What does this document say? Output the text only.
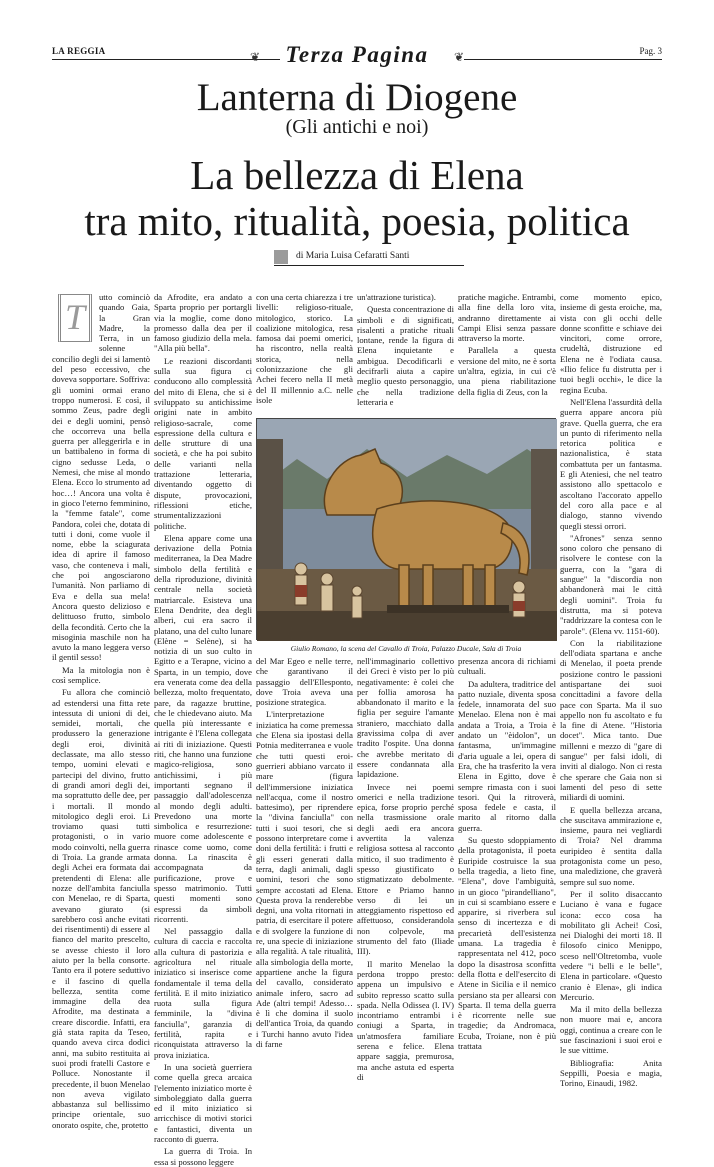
LA REGGIA	❦ Terza Pagina ❦	Pag. 3
Lanterna di Diogene
(Gli antichi e noi)
La bellezza di Elena
tra mito, ritualità, poesia, politica
di Maria Luisa Cefaratti Santi
T	utto cominciò quando Gaia, la Gran Madre, la Terra, in un solenne concilio degli dei si lamentò del peso eccessivo, che doveva sopportare. Soffriva: gli uomini ormai erano troppo numerosi. E così, il sommo Zeus, padre degli dei e degli uomini, pensò che occorreva una bella guerra per alleggerirla e in un battibaleno in forma di cigno sedusse Leda, o Nemesi, che mise al mondo Elena. Ecco lo strumento ad hoc…! Ancora una volta è in gioco l'eterno femminino, la "femme fatale", come Pandora, colei che, dotata di tutti i doni, come vuole il nome, ebbe la sciagurata idea di aprire il famoso vaso, che conteneva i mali, che poi angosciarono l'umanità. Non parliamo di Eva e della sua mela! Ancora questo delizioso e delittuoso frutto, simbolo della fecondità. Certo che la misoginia maschile non ha avuto la mano leggera verso il gentil sesso!

Ma la mitologia non è così semplice.

Fu allora che cominciò ad estendersi una fitta rete intessuta di unioni di dei, semidei, mortali, che produssero la generazione degli eroi, divinità declassate, ma allo stesso tempo, uomini elevati e partecipi del divino, frutto di grandi amori degli dei, ma soprattutto delle dee, per i mortali. Il mondo mitologico degli eroi. Li troviamo quasi tutti protagonisti, o in vario modo coinvolti, nella guerra di Troia. La grande armata degli Achei era formata dai pretendenti di Elena: alle nozze dell'ambita fanciulla con Menelao, re di Sparta, avevano giurato (si sarebbero così anche evitati dei risentimenti) di essere al fianco del marito prescelto, se avesse chiesto il loro aiuto per la bella consorte. Tanto era il potere seduttivo e il fascino di quella bellezza, sentita come immagine della dea Afrodite, ma destinata a creare discordie. Infatti, era già stata rapita da Teseo, quando aveva circa dodici anni, ma subito restituita ai suoi prodi fratelli Castore e Polluce. Nonostante il precedente, il buon Menelao non aveva vigilato abbastanza sul bellissimo principe orientale, suo onorato ospite, che, protetto

da Afrodite, era andato a Sparta proprio per portargli via la moglie, come dono promesso dalla dea per il famoso giudizio della mela. "Alla più bella".

Le reazioni discordanti sulla sua figura ci conducono allo complessità del mito di Elena, che si è sviluppato su antichissime origini nate in ambito religioso-sacrale, come espressione della cultura e delle strutture di una società, e che ha poi subito delle varianti nella trattazione letteraria, diventando oggetto di dispute, provocazioni, riflessioni etiche, strumentalizzazioni politiche.

Elena appare come una derivazione della Potnia mediterranea, la Dea Madre simbolo della fertilità e della riproduzione, divinità centrale nella società matriarcale. Esisteva una Elena Dendrite, dea degli alberi, cui era sacro il platano, una del culto lunare (Elène = Selène), si ha notizia di un suo culto in Egitto e a Terapne, vicino a Sparta, in un tempio, dove era venerata come dea della bellezza, molto frequentato, pare, da ragazze bruttine, che le chiedevano aiuto. Ma quella più interessante e intrigante è l'Elena collegata ai riti di iniziazione. Questi riti, che hanno una funzione magico-religiosa, sono antichissimi, i più importanti segnano il passaggio dall'adolescenza al mondo degli adulti. Prevedono una morte simbolica e resurrezione: muore come adolescente e rinasce come uomo, come donna. La rinascita è accompagnata da purificazione, prove e spesso matrimonio. Tutti questi momenti sono espressi da simboli ricorrenti.

Nel passaggio dalla cultura di caccia e raccolta alla cultura di pastorizia e agricoltura nel rituale iniziatico si inserisce come fondamentale il tema della fertilità. E il mito iniziatico ruota sulla figura femminile, la "divina fanciulla", garanzia di fertilità, rapita e riconquistata attraverso la prova iniziatica.

In una società guerriera come quella greca arcaica l'elemento iniziatico morte è simboleggiato dalla guerra ed il mito iniziatico si arricchisce di motivi storici e fantastici, diventa un racconto di guerra.

La guerra di Troia. In essa si possono leggere

con una certa chiarezza i tre livelli: religioso-rituale, mitologico, storico. La coalizione mitologica, resa famosa dai poemi omerici, ha riscontro, nella realtà storica, nella colonizzazione che gli Achei fecero nella II metà del II millennio a.C. nelle isole

un'attrazione turistica).

Questa concentrazione di simboli e di significati, risalenti a pratiche rituali lontane, rende la figura di Elena inquietante e ambigua. Decodificarli e decifrarli aiuta a capire meglio questo personaggio, che nella tradizione letteraria e

pratiche magiche. Entrambi, alla fine della loro vita, andranno direttamente ai Campi Elisi senza passare attraverso la morte.

Parallela a questa versione del mito, ne è sorta un'altra, egizia, in cui c'è una piena riabilitazione della figlia di Zeus, con la

Giulio Romano, la scena del Cavallo di Troia, Palazzo Ducale, Sala di Troia

del Mar Egeo e nelle terre, che garantivano il passaggio dell'Ellesponto, dove Troia aveva una posizione strategica.

L'interpretazione iniziatica ha come premessa che Elena sia ipostasi della Potnia mediterranea e vuole che tutti questi eroi-guerrieri abbiano varcato il mare (figura dell'immersione iniziatica nell'acqua, come il nostro battesimo), per riprendere la "divina fanciulla" con tutti i suoi tesori, che si possono interpretare come i doni della fertilità: i frutti e gli esseri generati dalla terra, dagli animali, dagli uomini, tesori che sono sempre accostati ad Elena. Questa prova la renderebbe degni, una volta ritornati in patria, di esercitare il potere e di svolgere la funzione di re, una specie di iniziazione alla regalità. A tale ritualità, alla simbologia della morte, appartiene anche la figura del cavallo, considerato animale infero, sacro ad Ade (altri tempi! Adesso… è lì che domina il suolo dell'antica Troia, da quando i Turchi hanno avuto l'idea di farne

nell'immaginario collettivo dei Greci è visto per lo più negativamente: è colei che per follia amorosa ha abbandonato il marito e la figlia per seguire l'amante straniero, macchiato dalla gravissima colpa di aver tradito l'ospite. Una donna che avrebbe meritato di essere condannata alla lapidazione.

Invece nei poemi omerici e nella tradizione epica, forse proprio perché nella trasmissione orale degli aedi era ancora avvertita la valenza religiosa sottesa al racconto mitico, il suo tradimento è spesso giustificato o stigmatizzato debolmente. Ettore e Priamo hanno verso di lei un atteggiamento rispettoso ed affettuoso, considerandola non colpevole, ma strumento del fato (Iliade III).

Il marito Menelao la perdona troppo presto: appena un impulsivo e subito represso scatto sulla spada. Nella Odissea (l. IV) incontriamo entrambi i coniugi a Sparta, in un'atmosfera familiare serena e felice. Elena appare saggia, premurosa, ma anche astuta ed esperta di

presenza ancora di richiami cultuali.

Da adultera, traditrice del patto nuziale, diventa sposa fedele, innamorata del suo Menelao. Elena non è mai andata a Troia, a Troia è andato un "èidolon", un fantasma, un'immagine d'aria uguale a lei, opera di Era, che ha trasferito la vera Elena in Egitto, dove è sempre rimasta con i suoi tesori. Qui la ritroverà, sposa fedele e casta, il marito al ritorno dalla guerra.

Su questo sdoppiamento della protagonista, il poeta Euripide costruisce la sua bella tragedia, a lieto fine, "Elena", dove l'ambiguità, in un gioco "pirandelliano", in cui si scambiano essere e apparire, si riverbera sul senso di incertezza e di precarietà dell'esistenza umana. La tragedia è rappresentata nel 412, poco dopo la disastrosa sconfitta della flotta e dell'esercito di Atene in Sicilia e il nemico persiano sta per allearsi con Sparta. Il tema della guerra è ricorrente nelle sue tragedie; da Andromaca, Ecuba, Troiane, non è più trattata

come momento epico, insieme di gesta eroiche, ma, vista con gli occhi delle donne sconfitte e schiave dei vincitori, come orrore, crudeltà, distruzione ed Elena ne è l'odiata causa. «Ilio felice fu distrutta per i tuoi begli occhi», le dice la regina Ecuba.

Nell'Elena l'assurdità della guerra appare ancora più grave. Quella guerra, che era un punto di riferimento nella retorica politica e nazionalistica, è stata combattuta per un fantasma. E gli Ateniesi, che nel teatro assistono allo spettacolo e ascoltano l'accorato appello del coro alla pace e al dialogo, stanno vivendo quegli stessi orrori.

"Afrones" senza senno sono coloro che pensano di risolvere le contese con la guerra, con la "gara di sangue" la "discordia non abbandonerà mai le città degli uomini". Troia fu distrutta, ma si poteva "raddrizzare la contesa con le parole". (Elena vv. 1151-60).

Con la riabilitazione dell'odiata spartana e anche di Menelao, il poeta prende posizione contro le passioni antispartane dei suoi concittadini a favore della pace con Sparta. Ma il suo appello non fu ascoltato e fu la fine di Atene. "Historia docet". Mica tanto. Due millenni e mezzo di "gare di sangue" per falsi idoli, di inviti al dialogo. Non ci resta che sperare che Gaia non si lamenti del peso di sette miliardi di uomini.

E quella bellezza arcana, che suscitava ammirazione e, insieme, paura nei vegliardi di Troia? Nel dramma euripideo è sentita dalla protagonista come un peso, una maledizione, che graverà sempre sul suo nome.

Per il solito disaccanto Luciano è vana e fugace icona: ecco cosa ha mobilitato gli Achei! Così, nei Dialoghi dei morti 18. Il filosofo cinico Menippo, sceso nell'Oltretomba, vuole vedere "i belli e le belle", Elena in particolare. «Questo cranio è Elena», gli indica Mercurio.

Ma il mito della bellezza non muore mai e, ancora oggi, continua a creare con le sue fascinazioni i suoi eroi e le sue vittime.

Bibliografia: Anita Seppilli, Poesia e magia, Torino, Einaudi, 1982.
